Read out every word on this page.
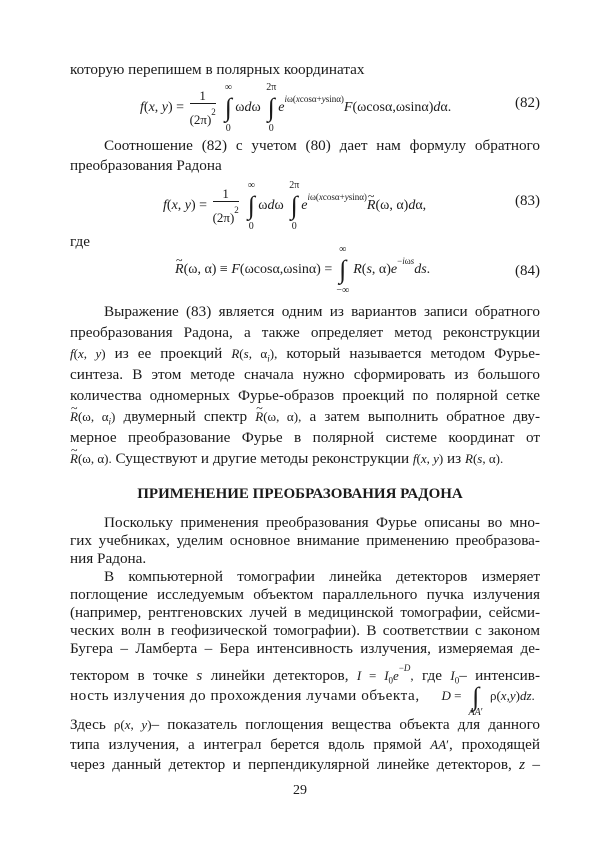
которую перепишем в полярных координатах
f(x, $y) = \frac{1}{(2\pi)^2}$

∞
∫
0
ωdω
2π
∫
0
$e^{i\omega(xcos\alpha+ysin\alpha)}F(\omega\cos\alpha,\omega\sin\alpha)d\alpha$.	(82)
Соотношение (82) с учетом (80) дает нам формулу обратного
преобразования Радона
f(x, $y) = \frac{1}{(2\pi)^2}$

∞
∫
0
ωdω
2π
∫
0
$e^{i\omega(xcos\alpha+ysin\alpha)}\sim$ R(ω, α)dα,	(83)
где
~ R(ω, α) ≡ F(ωcosα,ωsinα) =
∞
∫
−∞
R(s, $\alpha)e^{-i\omega s}ds$.	(84)
Выражение (83) является одним из вариантов записи обратного
преобразования Радона, а также определяет метод реконструкции
f(x, y) из ее проекций R(s, $\alpha_i$), который называется методом Фурье-
синтеза. В этом методе сначала нужно сформировать из большого
количества одномерных Фурье-образов проекций по полярной сетке
~ R(ω, $\alpha_i$) двумерный спектр ~ R(ω, α), а затем выполнить обратное дву-
мерное преобразование Фурье в полярной системе координат от
~ R(ω, α). Существуют и другие методы реконструкции f(x, y) из R(s, α).
ПРИМЕНЕНИЕ ПРЕОБРАЗОВАНИЯ РАДОНА
Поскольку применения преобразования Фурье описаны во мно-
гих учебниках, уделим основное внимание применению преобразова-
ния Радона.
В компьютерной томографии линейка детекторов измеряет
поглощение исследуемым объектом параллельного пучка излучения
(например, рентгеновских лучей в медицинской томографии, сейсми-
ческих волн в геофизической томографии). В соответствии с законом
Бугера – Ламберта – Бера интенсивность излучения, измеряемая де-
тектором в точке s линейки детекторов, $I = I_0e^{-D}$, где $I_0-$ интенсив-
ность излучения до прохождения лучами объекта, D = ∫
AA′
ρ(x,y)dz.
Здесь ρ(x, y)– показатель поглощения вещества объекта для данного
типа излучения, а интеграл берется вдоль прямой AA′, проходящей
через данный детектор и перпендикулярной линейке детекторов, z –
29
